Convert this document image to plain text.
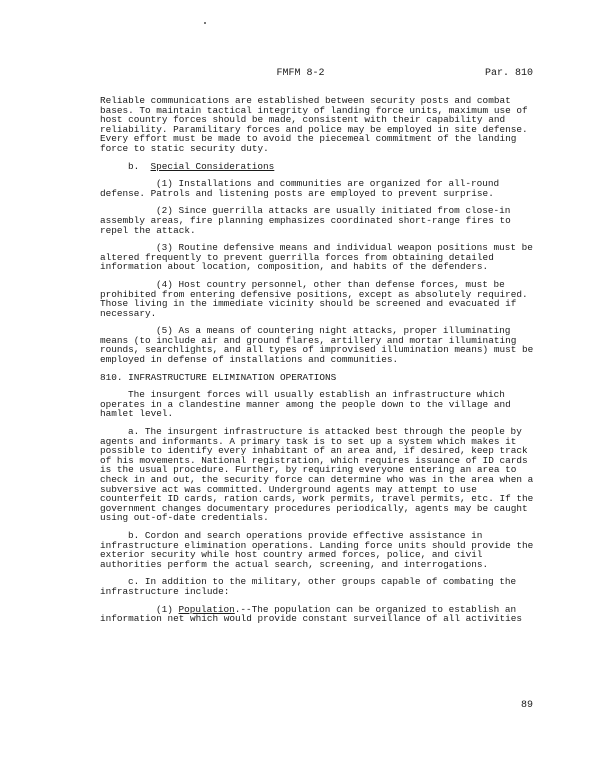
FMFM 8-2	Par. 810

Reliable communications are established between security posts and combat bases. To maintain tactical integrity of landing force units, maximum use of host country forces should be made, consistent with their capability and reliability. Paramilitary forces and police may be employed in site defense. Every effort must be made to avoid the piecemeal commitment of the landing force to static security duty.

b. Special Considerations

(1) Installations and communities are organized for all-round defense. Patrols and listening posts are employed to prevent surprise.

(2) Since guerrilla attacks are usually initiated from close-in assembly areas, fire planning emphasizes coordinated short-range fires to repel the attack.

(3) Routine defensive means and individual weapon positions must be altered frequently to prevent guerrilla forces from obtaining detailed information about location, composition, and habits of the defenders.

(4) Host country personnel, other than defense forces, must be prohibited from entering defensive positions, except as absolutely required. Those living in the immediate vicinity should be screened and evacuated if necessary.

(5) As a means of countering night attacks, proper illuminating means (to include air and ground flares, artillery and mortar illuminating rounds, searchlights, and all types of improvised illumination means) must be employed in defense of installations and communities.

810. INFRASTRUCTURE ELIMINATION OPERATIONS

The insurgent forces will usually establish an infrastructure which operates in a clandestine manner among the people down to the village and hamlet level.

a. The insurgent infrastructure is attacked best through the people by agents and informants. A primary task is to set up a system which makes it possible to identify every inhabitant of an area and, if desired, keep track of his movements. National registration, which requires issuance of ID cards is the usual procedure. Further, by requiring everyone entering an area to check in and out, the security force can determine who was in the area when a subversive act was committed. Underground agents may attempt to use counterfeit ID cards, ration cards, work permits, travel permits, etc. If the government changes documentary procedures periodically, agents may be caught using out-of-date credentials.

b. Cordon and search operations provide effective assistance in infrastructure elimination operations. Landing force units should provide the exterior security while host country armed forces, police, and civil authorities perform the actual search, screening, and interrogations.

c. In addition to the military, other groups capable of combating the infrastructure include:

(1) Population.--The population can be organized to establish an information net which would provide constant surveillance of all activities

89
